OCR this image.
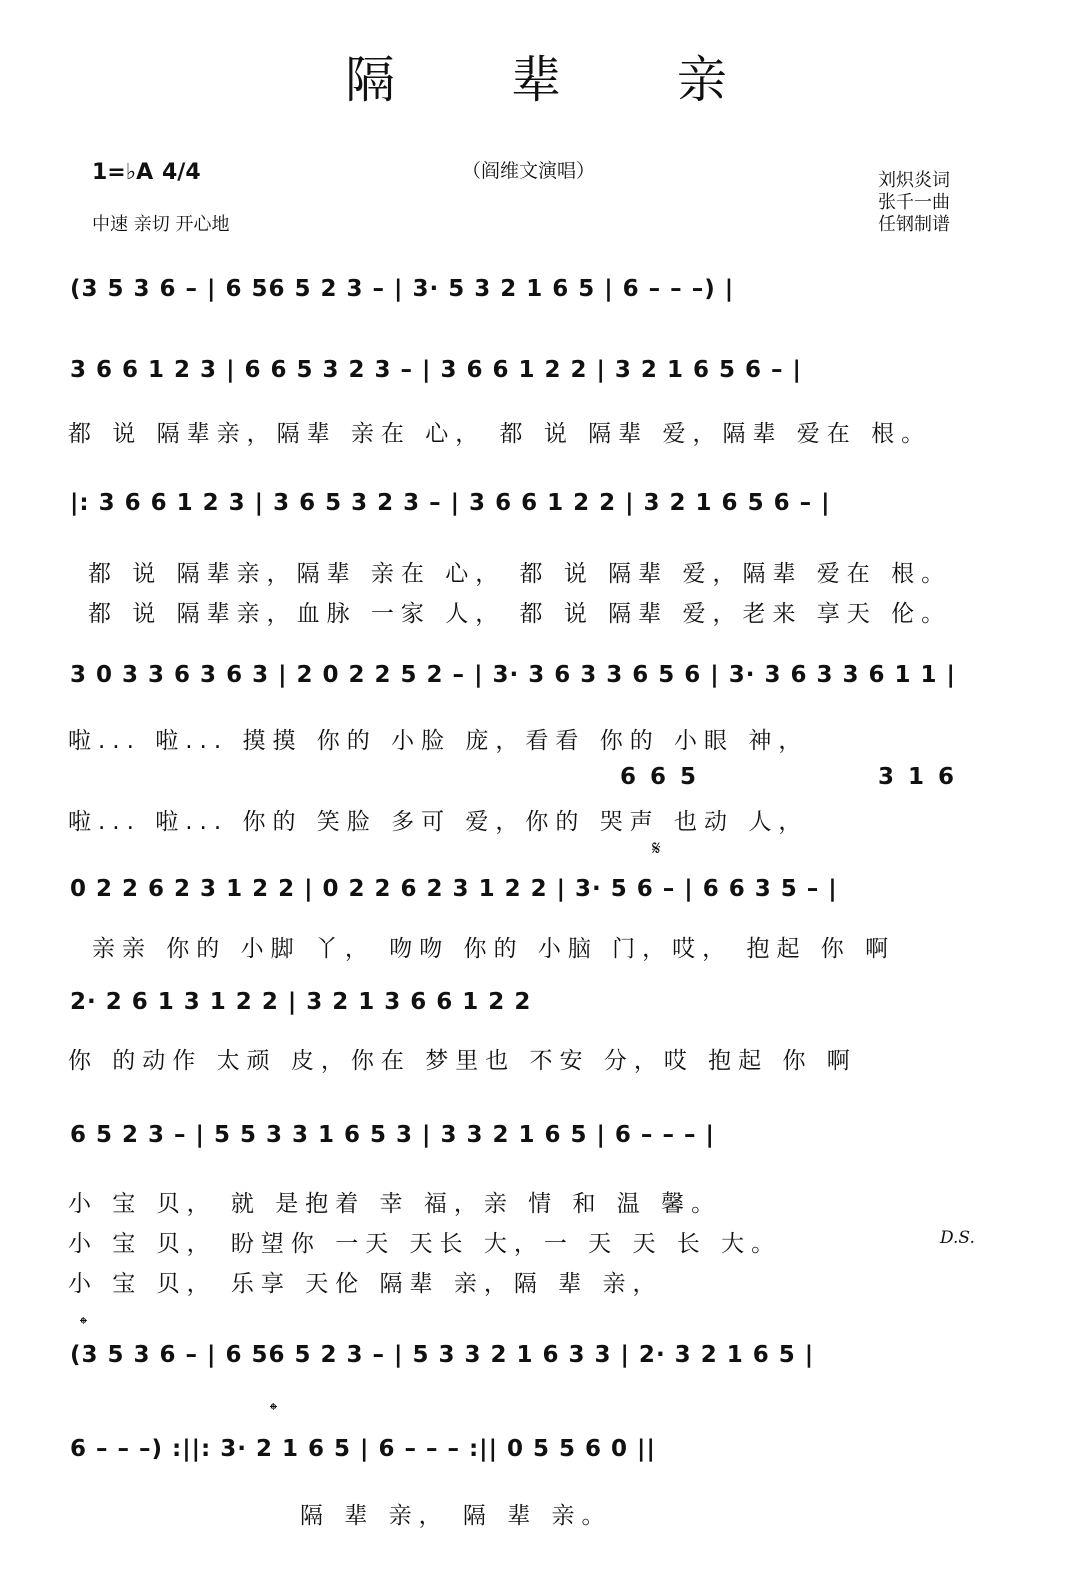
隔 辈 亲
1=♭A 4/4
中速 亲切 开心地
（阎维文演唱）	刘炽炎词
张千一曲
任钢制谱
(3 5 3 6 – | 6 56 5 2 3 – | 3· 5 3 2 1 6 5 | 6 – – –) |
3 6 6 1 2 3 | 6 6 5 3 2 3 – | 3 6 6 1 2 2 | 3 2 1 6 5 6 – |
都 说 隔辈亲，隔辈 亲在 心， 都 说 隔辈 爱，隔辈 爱在 根。
|: 3 6 6 1 2 3 | 3 6 5 3 2 3 – | 3 6 6 1 2 2 | 3 2 1 6 5 6 – |
都 说 隔辈亲，隔辈 亲在 心， 都 说 隔辈 爱，隔辈 爱在 根。
都 说 隔辈亲，血脉 一家 人， 都 说 隔辈 爱，老来 享天 伦。
3 0 3 3 6 3 6 3 | 2 0 2 2 5 2 – | 3· 3 6 3 3 6 5 6 | 3· 3 6 3 3 6 1 1 |
啦... 啦... 摸摸 你的 小脸 庞，看看 你的 小眼 神，
6 6 5	3 1 6
啦... 啦... 你的 笑脸 多可 爱，你的 哭声 也动 人，
𝄋
0 2 2 6 2 3 1 2 2 | 0 2 2 6 2 3 1 2 2 | 3· 5 6 – | 6 6 3 5 – |
亲亲 你的 小脚 丫， 吻吻 你的 小脑 门，哎， 抱起 你 啊
2· 2 6 1 3 1 2 2 | 3 2 1 3 6 6 1 2 2
你 的动作 太顽 皮，你在 梦里也 不安 分，哎 抱起 你 啊
6 5 2 3 – | 5 5 3 3 1 6 5 3 | 3 3 2 1 6 5 | 6 – – – |
小 宝 贝， 就 是抱着 幸 福，亲 情 和 温 馨。
小 宝 贝， 盼望你 一天 天长 大，一 天 天 长 大。	D.S.
小 宝 贝， 乐享 天伦 隔辈 亲，隔 辈 亲，
𝄌
(3 5 3 6 – | 6 56 5 2 3 – | 5 3 3 2 1 6 3 3 | 2· 3 2 1 6 5 |
𝄌
6 – – –) :||: 3· 2 1 6 5 | 6 – – – :|| 0 5 5 6 0 ||
隔 辈 亲， 隔 辈 亲。
